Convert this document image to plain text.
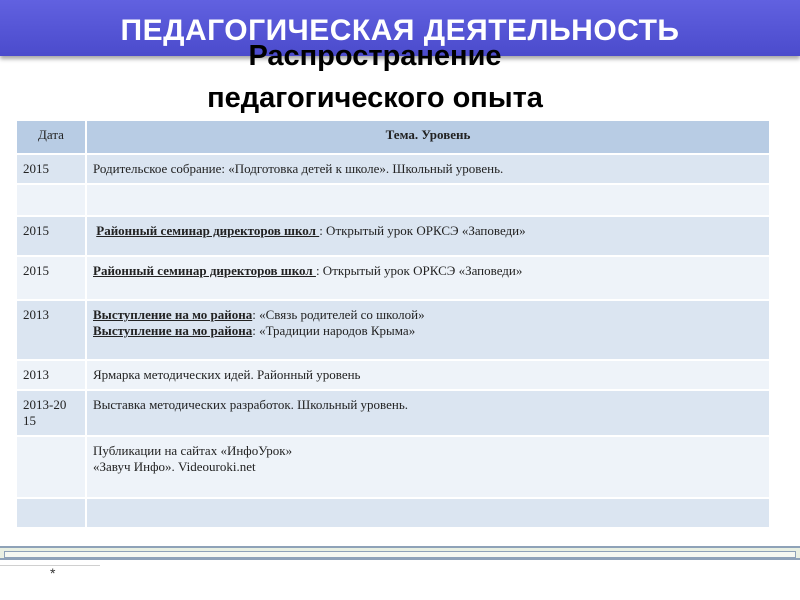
ПЕДАГОГИЧЕСКАЯ ДЕЯТЕЛЬНОСТЬ
Распространение
педагогического опыта
Дата	Тема. Уровень
2015	Родительское собрание: «Подготовка детей к школе». Школьный уровень.

2015	Районный семинар директоров школ : Открытый урок ОРКСЭ «Заповеди»
2015	Районный семинар директоров школ : Открытый урок ОРКСЭ «Заповеди»
2013	Выступление на мо района: «Связь родителей со школой»
Выступление на мо района: «Традиции народов Крыма»

2013	Ярмарка методических идей. Районный уровень
2013-20 15	Выставка методических разработок. Школьный уровень.

	Публикации на сайтах «ИнфоУрок»
«Завуч Инфо». Videouroki.net

*
